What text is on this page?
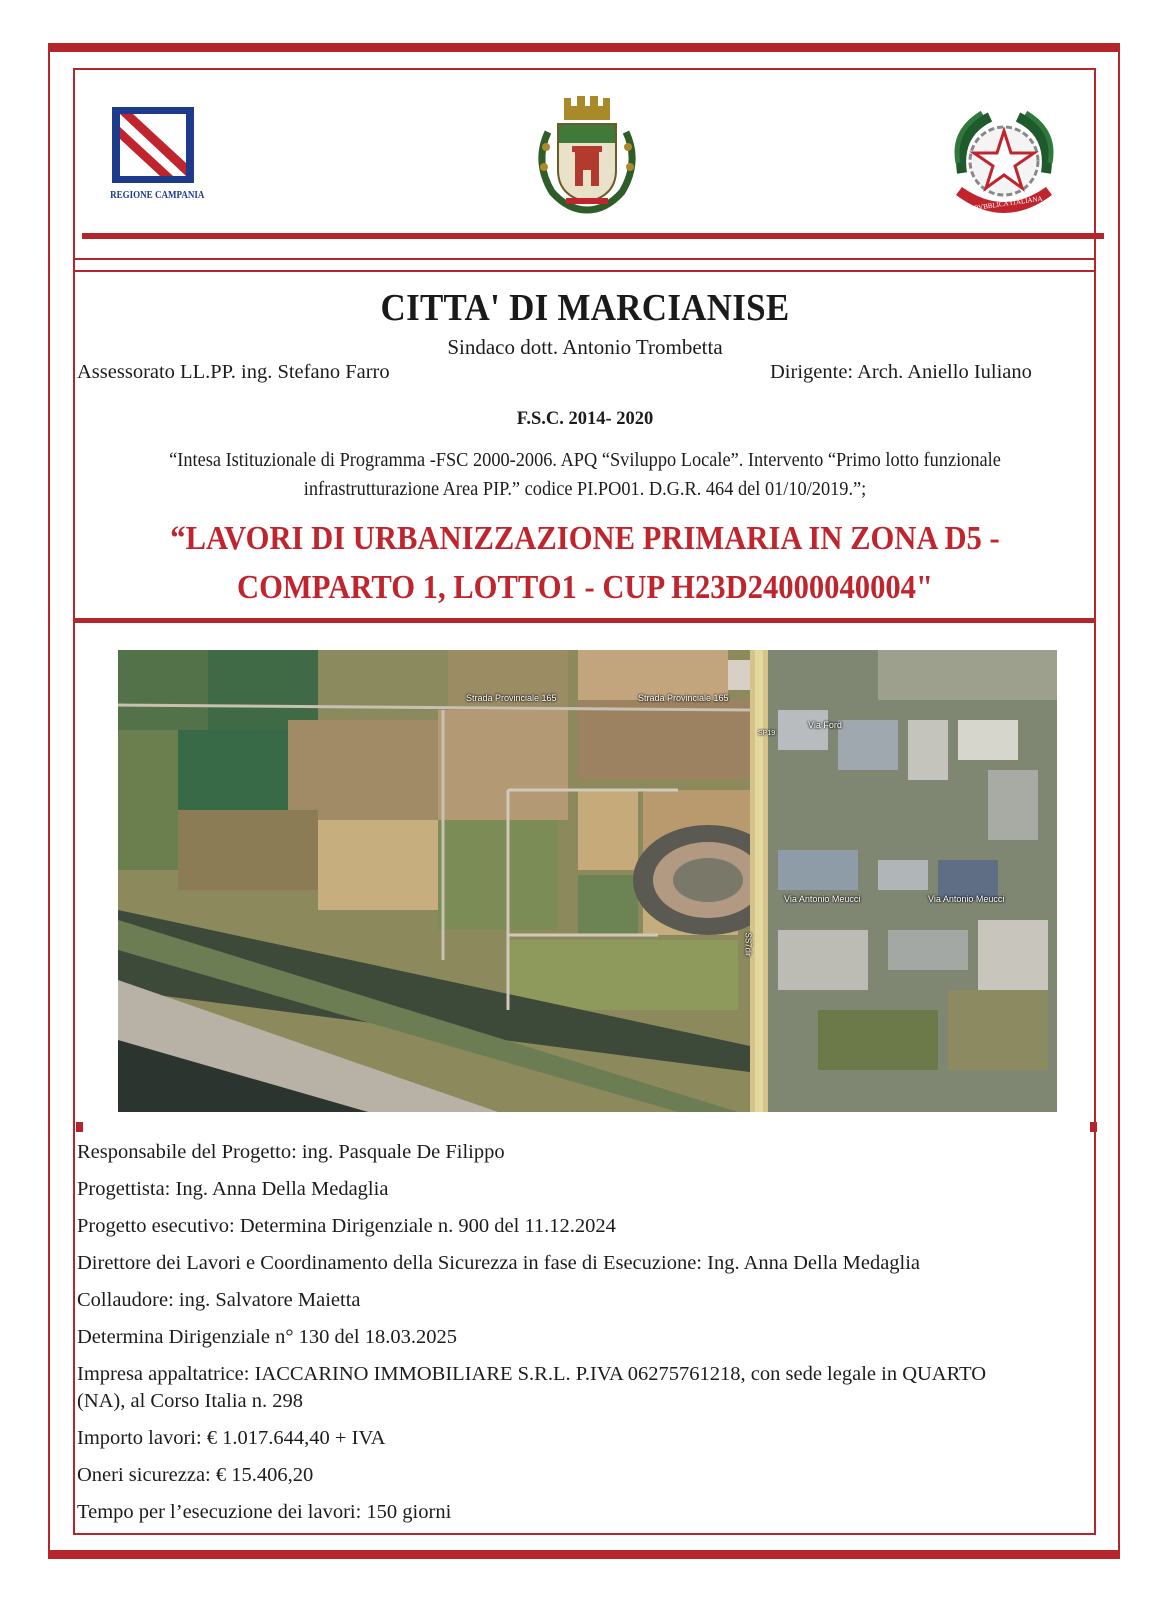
REGIONE CAMPANIA	REPVBBLICA ITALIANA
CITTA' DI MARCIANISE
Sindaco dott. Antonio Trombetta
Assessorato LL.PP. ing. Stefano Farro	Dirigente: Arch. Aniello Iuliano
F.S.C. 2014- 2020
“Intesa Istituzionale di Programma -FSC 2000-2006. APQ “Sviluppo Locale”. Intervento “Primo lotto funzionale
infrastrutturazione Area PIP.” codice PI.PO01. D.G.R. 464 del 01/10/2019.”;
“LAVORI DI URBANIZZAZIONE PRIMARIA IN ZONA D5 -
COMPARTO 1, LOTTO1 - CUP H23D24000040004"
Strada Provinciale 165	Strada Provinciale 165
Via Ford
SP19
Via Antonio Meucci	Via Antonio Meucci
SS7dir
Responsabile del Progetto: ing. Pasquale De Filippo
Progettista: Ing. Anna Della Medaglia
Progetto esecutivo: Determina Dirigenziale n. 900 del 11.12.2024
Direttore dei Lavori e Coordinamento della Sicurezza in fase di Esecuzione: Ing. Anna Della Medaglia
Collaudore: ing. Salvatore Maietta
Determina Dirigenziale n° 130 del 18.03.2025
Impresa appaltatrice: IACCARINO IMMOBILIARE S.R.L. P.IVA 06275761218, con sede legale in QUARTO
(NA), al Corso Italia n. 298
Importo lavori: € 1.017.644,40 + IVA
Oneri sicurezza: € 15.406,20
Tempo per l’esecuzione dei lavori: 150 giorni
